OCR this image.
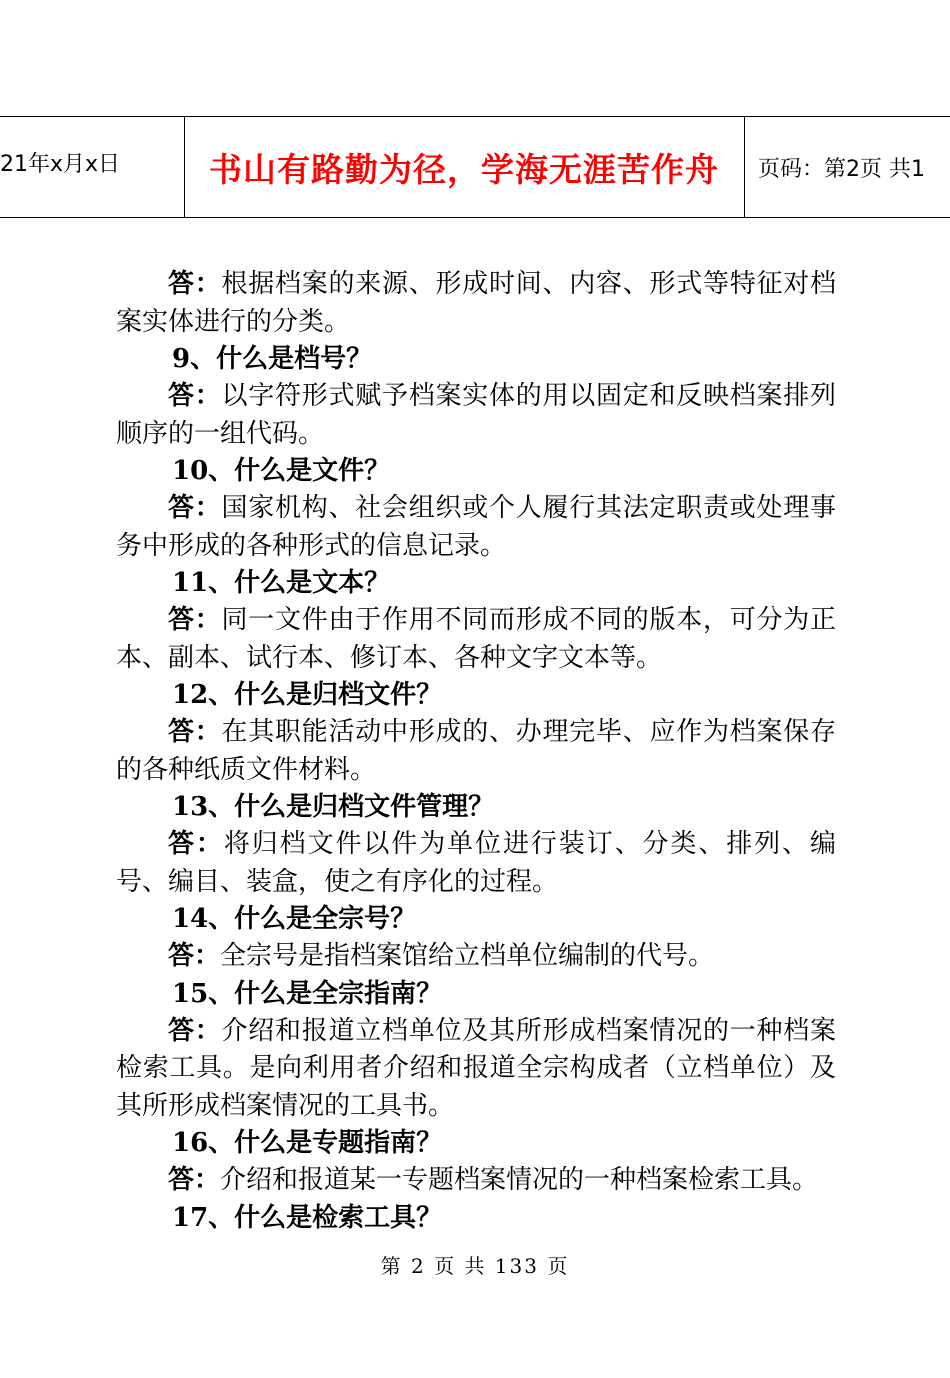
21年x月x日	书山有路勤为径，学海无涯苦作舟 页码：第2页 共1
答：根据档案的来源、形成时间、内容、形式等特征对档案实体进行的分类。
9、什么是档号？
答：以字符形式赋予档案实体的用以固定和反映档案排列顺序的一组代码。
10、什么是文件？
答：国家机构、社会组织或个人履行其法定职责或处理事务中形成的各种形式的信息记录。
11、什么是文本？
答：同一文件由于作用不同而形成不同的版本，可分为正本、副本、试行本、修订本、各种文字文本等。
12、什么是归档文件？
答：在其职能活动中形成的、办理完毕、应作为档案保存的各种纸质文件材料。
13、什么是归档文件管理？
答：将归档文件以件为单位进行装订、分类、排列、编号、编目、装盒，使之有序化的过程。
14、什么是全宗号？
答：全宗号是指档案馆给立档单位编制的代号。
15、什么是全宗指南？
答：介绍和报道立档单位及其所形成档案情况的一种档案检索工具。是向利用者介绍和报道全宗构成者（立档单位）及其所形成档案情况的工具书。
16、什么是专题指南？
答：介绍和报道某一专题档案情况的一种档案检索工具。
17、什么是检索工具？
第 2 页 共 133 页
